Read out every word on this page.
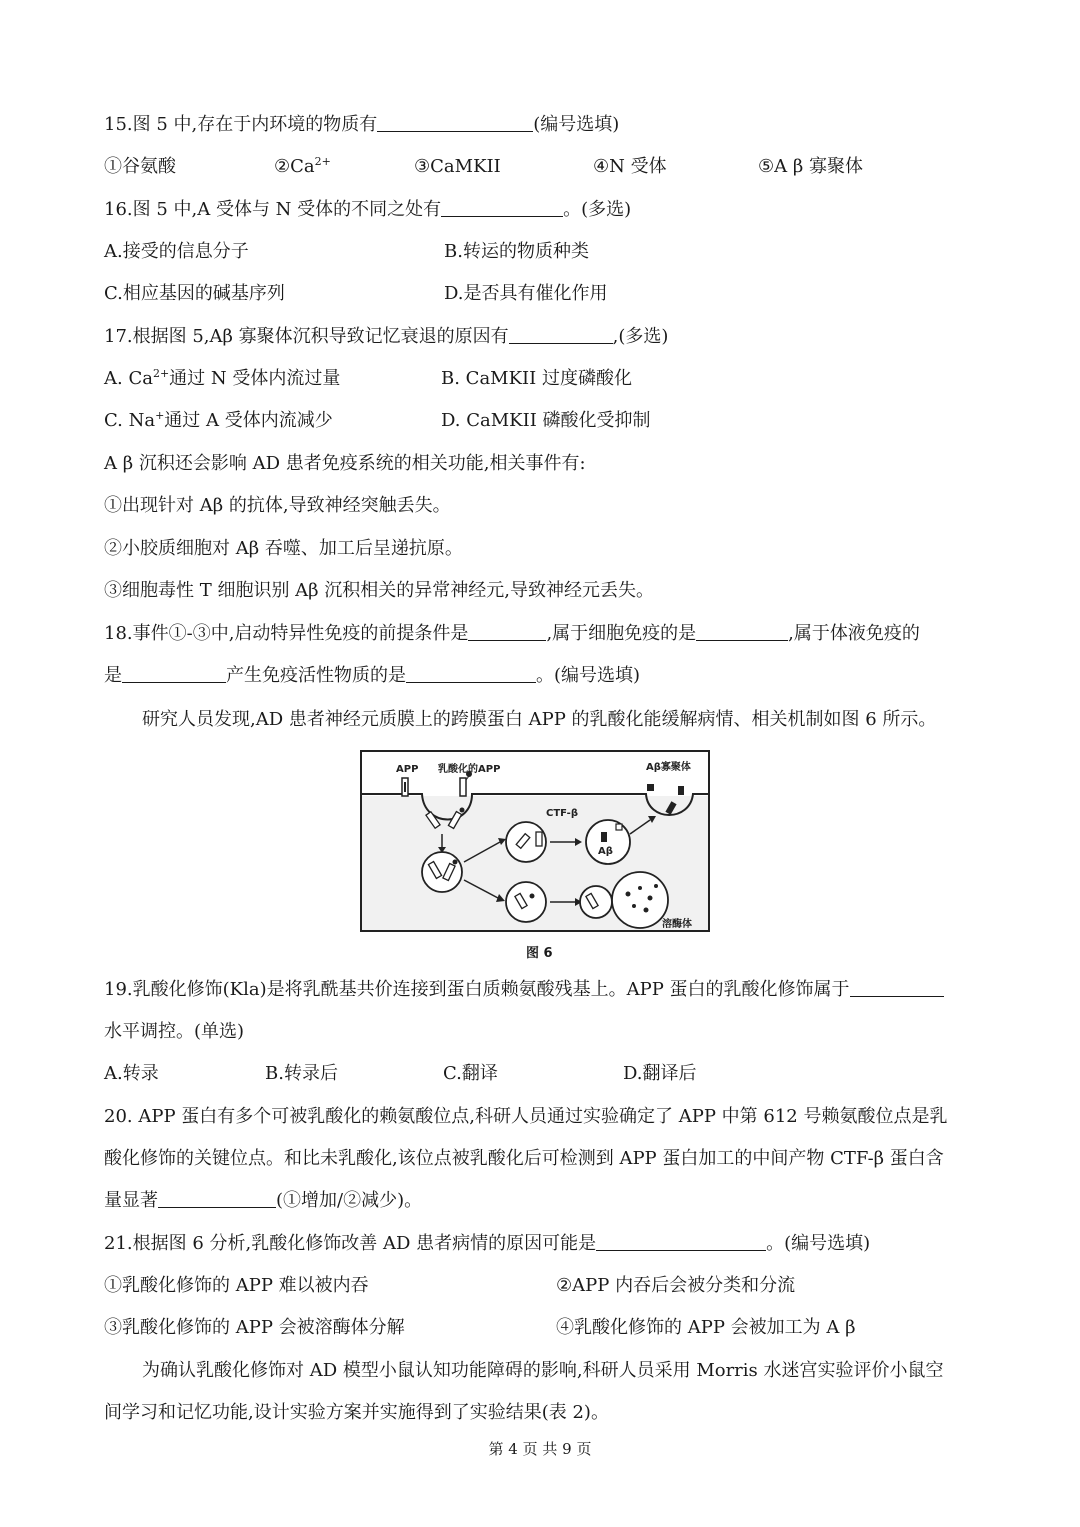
15.图 5 中,存在于内环境的物质有	(编号选填)
①谷氨酸	$②Ca^{2+}$	③CaMKII	④N 受体	⑤A β 寡聚体
16.图 5 中,A 受体与 N 受体的不同之处有	。(多选)
A.接受的信息分子	B.转运的物质种类
C.相应基因的碱基序列	D.是否具有催化作用
17.根据图 5,Aβ 寡聚体沉积导致记忆衰退的原因有	,(多选)
A. $Ca^{2+}$通过 N 受体内流过量	B. CaMKII 过度磷酸化
C. Na+通过 A 受体内流减少	D. CaMKII 磷酸化受抑制
A β 沉积还会影响 AD 患者免疫系统的相关功能,相关事件有:
①出现针对 Aβ 的抗体,导致神经突触丢失。
②小胶质细胞对 Aβ 吞噬、加工后呈递抗原。
③细胞毒性 T 细胞识别 Aβ 沉积相关的异常神经元,导致神经元丢失。
18.事件①-③中,启动特异性免疫的前提条件是	,属于细胞免疫的是	,属于体液免疫的
是	产生免疫活性物质的是	。(编号选填)
研究人员发现,AD 患者神经元质膜上的跨膜蛋白 APP 的乳酸化能缓解病情、相关机制如图 6 所示。
APP 乳酸化的APP	Aβ寡聚体
CTF-β
Aβ
溶酶体
图 6
19.乳酸化修饰(Kla)是将乳酰基共价连接到蛋白质赖氨酸残基上。APP 蛋白的乳酸化修饰属于
水平调控。(单选)
A.转录	B.转录后	C.翻译	D.翻译后
20. APP 蛋白有多个可被乳酸化的赖氨酸位点,科研人员通过实验确定了 APP 中第 612 号赖氨酸位点是乳
酸化修饰的关键位点。和比未乳酸化,该位点被乳酸化后可检测到 APP 蛋白加工的中间产物 CTF-β 蛋白含
量显著	(①增加/②减少)。
21.根据图 6 分析,乳酸化修饰改善 AD 患者病情的原因可能是	。(编号选填)
①乳酸化修饰的 APP 难以被内吞	②APP 内吞后会被分类和分流
③乳酸化修饰的 APP 会被溶酶体分解	④乳酸化修饰的 APP 会被加工为 A β
为确认乳酸化修饰对 AD 模型小鼠认知功能障碍的影响,科研人员采用 Morris 水迷宫实验评价小鼠空
间学习和记忆功能,设计实验方案并实施得到了实验结果(表 2)。
第 4 页 共 9 页
